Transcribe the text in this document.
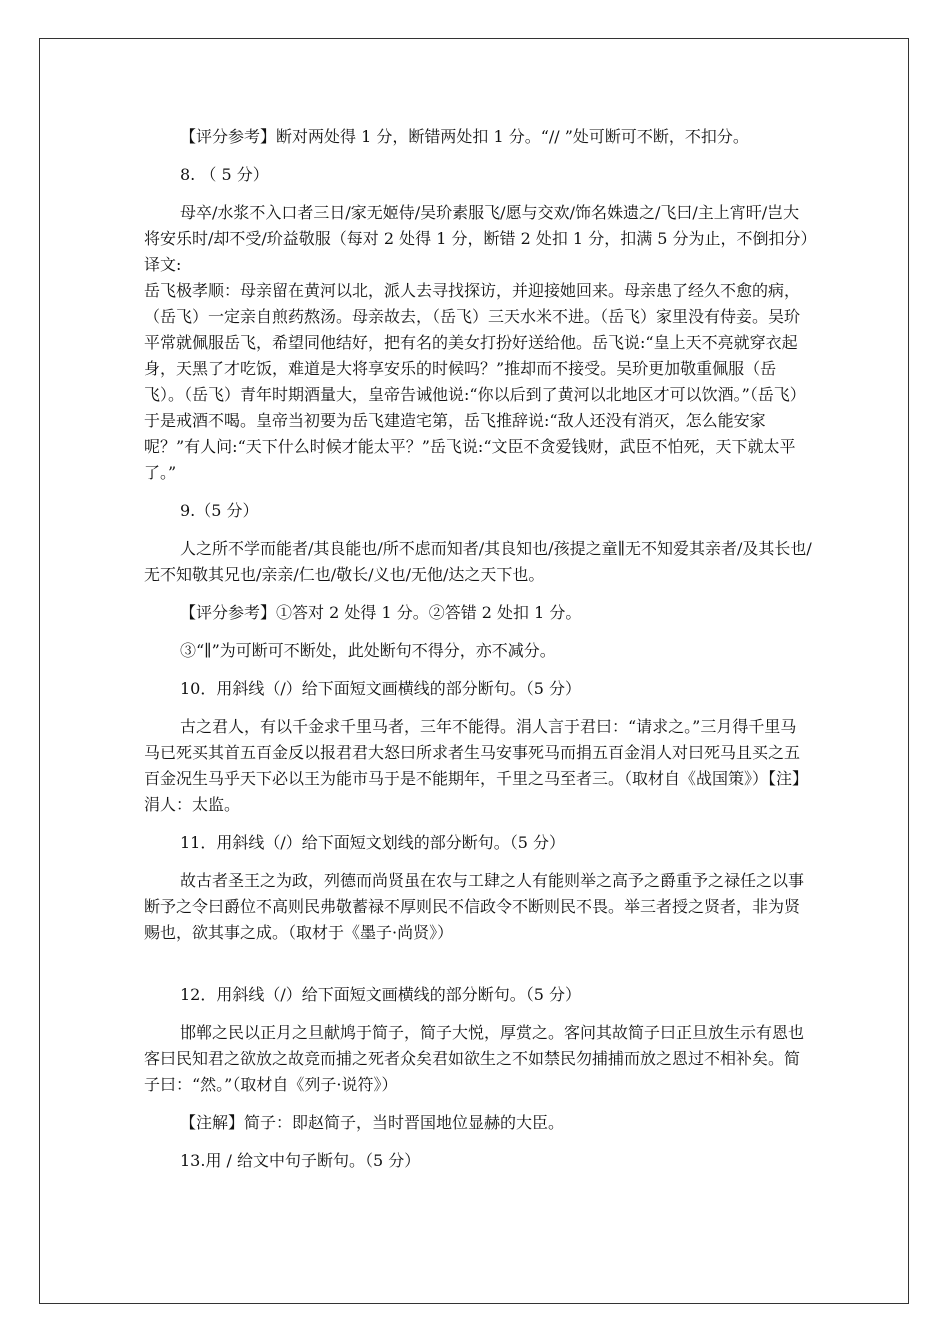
【评分参考】断对两处得 1 分，断错两处扣 1 分。“// ”处可断可不断，不扣分。

8. （ 5 分）

母卒/水浆不入口者三日/家无姬侍/吴玠素服飞/愿与交欢/饰名姝遗之/飞曰/主上宵旰/岂大将安乐时/却不受/玠益敬服（每对 2 处得 1 分，断错 2 处扣 1 分，扣满 5 分为止，不倒扣分）

译文:

岳飞极孝顺：母亲留在黄河以北，派人去寻找探访，并迎接她回来。母亲患了经久不愈的病，（岳飞）一定亲自煎药熬汤。母亲故去，（岳飞）三天水米不进。（岳飞）家里没有侍妾。吴玠平常就佩服岳飞，希望同他结好，把有名的美女打扮好送给他。岳飞说:“皇上天不亮就穿衣起身，天黑了才吃饭，难道是大将享安乐的时候吗？”推却而不接受。吴玠更加敬重佩服（岳飞）。（岳飞）青年时期酒量大，皇帝告诫他说:“你以后到了黄河以北地区才可以饮酒。”（岳飞）于是戒酒不喝。皇帝当初要为岳飞建造宅第，岳飞推辞说:“敌人还没有消灭，怎么能安家呢？”有人问:“天下什么时候才能太平？”岳飞说:“文臣不贪爱钱财，武臣不怕死，天下就太平了。”

9.（5 分）

人之所不学而能者/其良能也/所不虑而知者/其良知也/孩提之童∥无不知爱其亲者/及其长也/无不知敬其兄也/亲亲/仁也/敬长/义也/无他/达之天下也。

【评分参考】①答对 2 处得 1 分。②答错 2 处扣 1 分。

③“∥”为可断可不断处，此处断句不得分，亦不减分。

10．用斜线（/）给下面短文画横线的部分断句。（5 分）

古之君人，有以千金求千里马者，三年不能得。涓人言于君曰：“请求之。”三月得千里马马已死买其首五百金反以报君君大怒曰所求者生马安事死马而捐五百金涓人对曰死马且买之五百金况生马乎天下必以王为能市马于是不能期年，千里之马至者三。（取材自《战国策》）【注】涓人：太监。

11．用斜线（/）给下面短文划线的部分断句。（5 分）

故古者圣王之为政，列德而尚贤虽在农与工肆之人有能则举之高予之爵重予之禄任之以事断予之令曰爵位不高则民弗敬蓄禄不厚则民不信政令不断则民不畏。举三者授之贤者，非为贤赐也，欲其事之成。（取材于《墨子·尚贤》）

12．用斜线（/）给下面短文画横线的部分断句。（5 分）

邯郸之民以正月之旦献鸠于简子，简子大悦，厚赏之。客问其故简子曰正旦放生示有恩也客曰民知君之欲放之故竞而捕之死者众矣君如欲生之不如禁民勿捕捕而放之恩过不相补矣。简子曰：“然。”（取材自《列子·说符》）

【注解】简子：即赵简子，当时晋国地位显赫的大臣。

13.用 / 给文中句子断句。（5 分）
